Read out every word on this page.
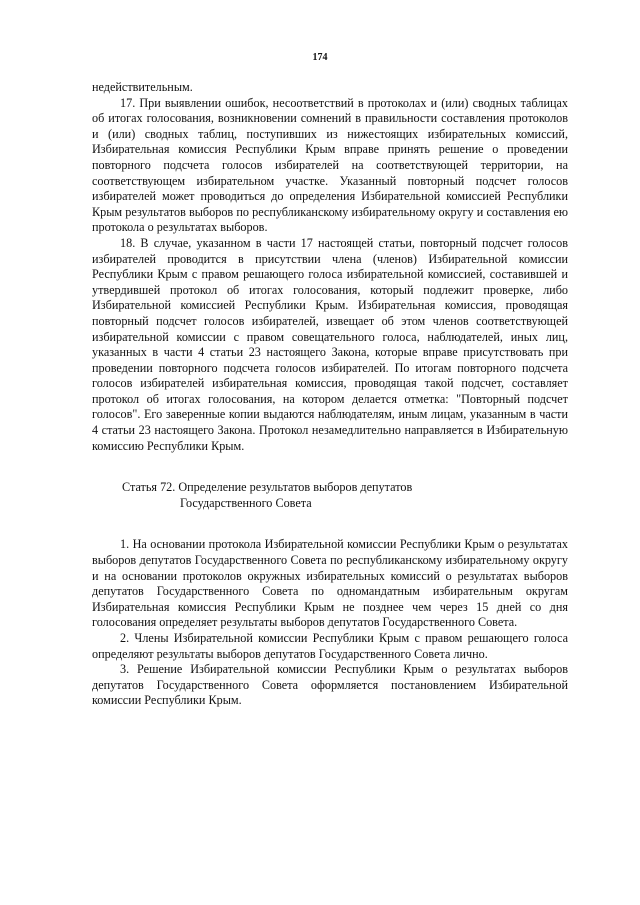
174

недействительным.

17. При выявлении ошибок, несоответствий в протоколах и (или) сводных таблицах об итогах голосования, возникновении сомнений в правильности составления протоколов и (или) сводных таблиц, поступивших из нижестоящих избирательных комиссий, Избирательная комиссия Республики Крым вправе принять решение о проведении повторного подсчета голосов избирателей на соответствующей территории, на соответствующем избирательном участке. Указанный повторный подсчет голосов избирателей может проводиться до определения Избирательной комиссией Республики Крым результатов выборов по республиканскому избирательному округу и составления ею протокола о результатах выборов.

18. В случае, указанном в части 17 настоящей статьи, повторный подсчет голосов избирателей проводится в присутствии члена (членов) Избирательной комиссии Республики Крым с правом решающего голоса избирательной комиссией, составившей и утвердившей протокол об итогах голосования, который подлежит проверке, либо Избирательной комиссией Республики Крым. Избирательная комиссия, проводящая повторный подсчет голосов избирателей, извещает об этом членов соответствующей избирательной комиссии с правом совещательного голоса, наблюдателей, иных лиц, указанных в части 4 статьи 23 настоящего Закона, которые вправе присутствовать при проведении повторного подсчета голосов избирателей. По итогам повторного подсчета голосов избирателей избирательная комиссия, проводящая такой подсчет, составляет протокол об итогах голосования, на котором делается отметка: "Повторный подсчет голосов". Его заверенные копии выдаются наблюдателям, иным лицам, указанным в части 4 статьи 23 настоящего Закона. Протокол незамедлительно направляется в Избирательную комиссию Республики Крым.

Статья 72. Определение результатов выборов депутатов
Государственного Совета

1. На основании протокола Избирательной комиссии Республики Крым о результатах выборов депутатов Государственного Совета по республиканскому избирательному округу и на основании протоколов окружных избирательных комиссий о результатах выборов депутатов Государственного Совета по одномандатным избирательным округам Избирательная комиссия Республики Крым не позднее чем через 15 дней со дня голосования определяет результаты выборов депутатов Государственного Совета.

2. Члены Избирательной комиссии Республики Крым с правом решающего голоса определяют результаты выборов депутатов Государственного Совета лично.

3. Решение Избирательной комиссии Республики Крым о результатах выборов депутатов Государственного Совета оформляется постановлением Избирательной комиссии Республики Крым.
